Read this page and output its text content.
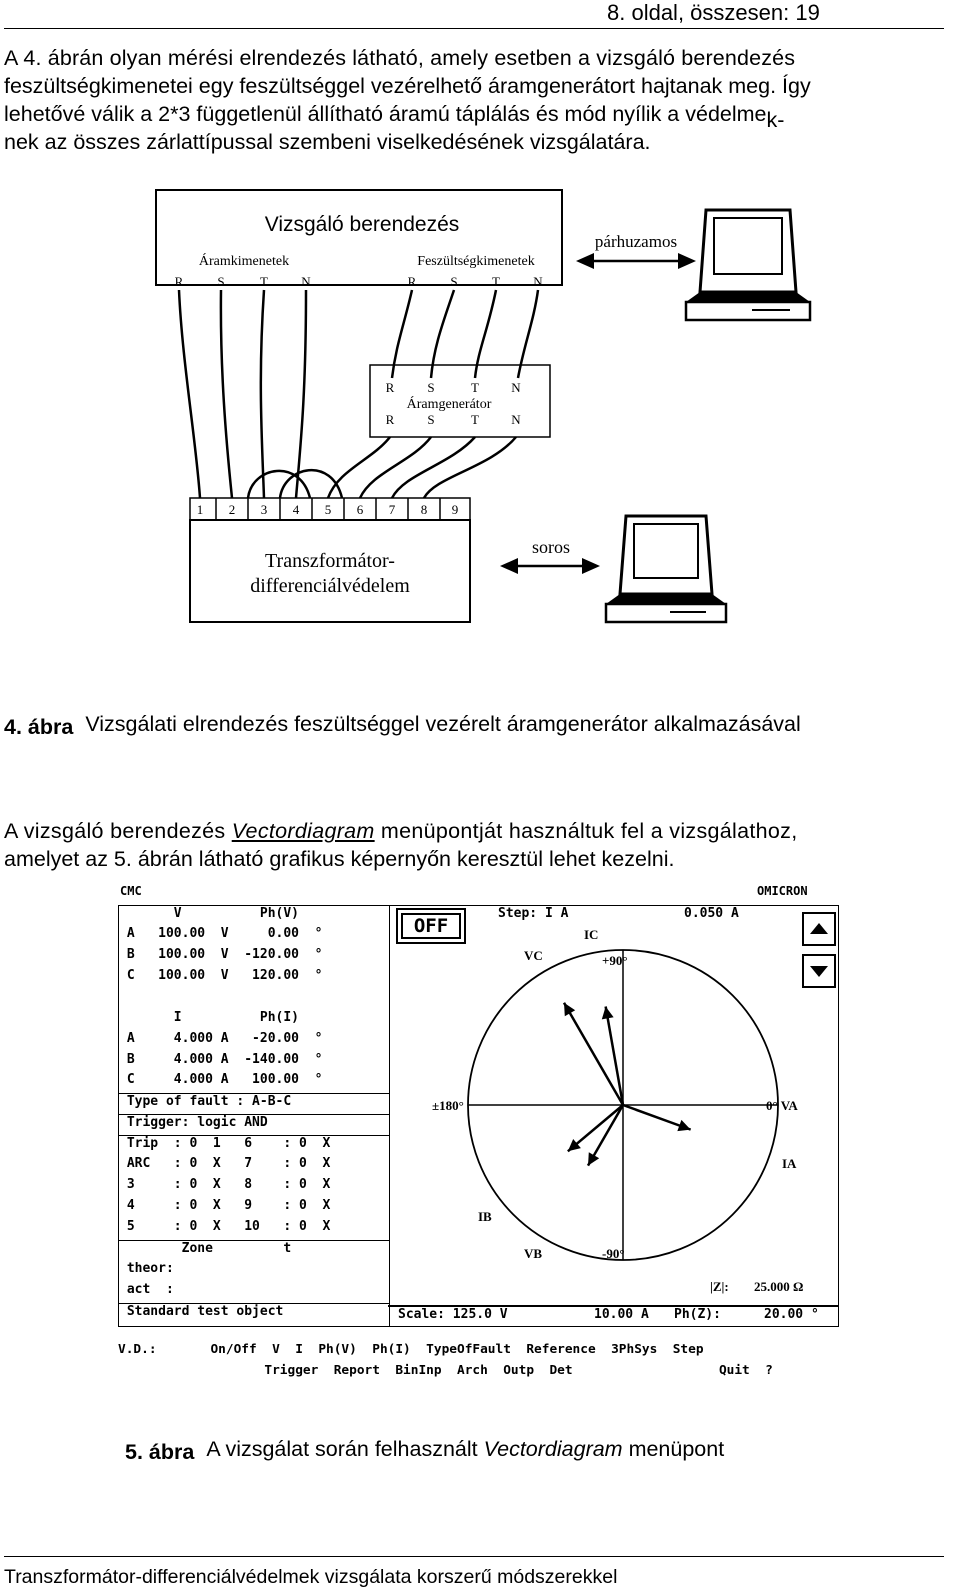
8. oldal, összesen: 19
A 4. ábrán olyan mérési elrendezés látható, amely esetben a vizsgáló berendezés
feszültségkimenetei egy feszültséggel vezérelhető áramgenerátort hajtanak meg. Így
lehetővé válik a 2*3 függetlenül állítható áramú táplálás és mód nyílik a védelmek-
nek az összes zárlattípussal szembeni viselkedésének vizsgálatára.
Vizsgáló berendezés
Áramkimenetek	Feszültségkimenetek
R	S	T	N	R	S	T	N
párhuzamos
R	S	T N
Áramgenerátor
R	S	T N
1 2 3 4 5 6 7 8 9
Transzformátor-
differenciálvédelem
soros
4. ábra Vizsgálati elrendezés feszültséggel vezérelt áramgenerátor alkalmazásával
A vizsgáló berendezés Vectordiagram menüpontját használtuk fel a vizsgálathoz,
amelyet az 5. ábrán látható grafikus képernyőn keresztül lehet kezelni.
CMC	OMICRON
V          Ph(V)
A   100.00  V     0.00  °
B   100.00  V  -120.00  °
C   100.00  V   120.00  °
I          Ph(I)
A     4.000 A   -20.00  °
B     4.000 A  -140.00  °
C     4.000 A   100.00  °
Type of fault : A-B-C
Trigger: logic AND
Trip  : 0  1   6    : 0  X
ARC   : 0  X   7    : 0  X
3     : 0  X   8    : 0  X
4     : 0  X   9    : 0  X
5     : 0  X   10   : 0  X
Zone         t
theor:
act  :
Standard test object
OFF
Step: I A	0.050 A
Scale: 125.0 V	10.00 A Ph(Z):	20.00 °
IC
VC	+90°
±180°	0° VA
IA
IB
VB	-90°
|Z|: 25.000 Ω
V.D.:       On/Off  V  I  Ph(V)  Ph(I)  TypeOfFault  Reference  3PhSys  Step
Trigger  Report  BinInp  Arch  Outp  Det                   Quit  ?
5. ábra A vizsgálat során felhasznált Vectordiagram menüpont
Transzformátor-differenciálvédelmek vizsgálata korszerű módszerekkel
